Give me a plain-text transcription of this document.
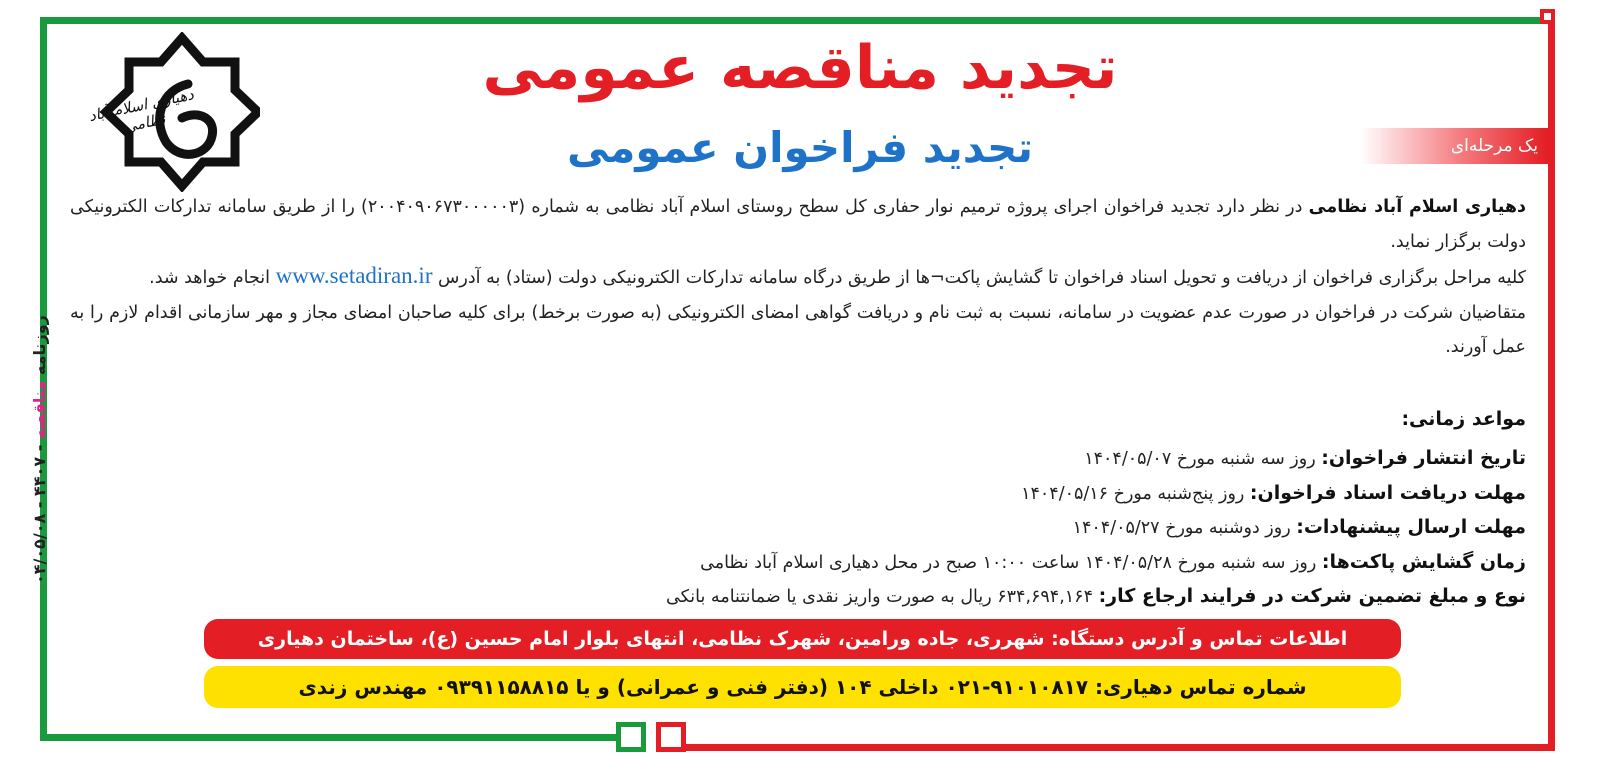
دهیاری اسلام آباد نظامی
تجدید مناقصه عمومی
تجدید فراخوان عمومی	یک مرحله‌ای

دهیاری اسلام آباد نظامی در نظر دارد تجدید فراخوان اجرای پروژه ترمیم نوار حفاری کل سطح روستای اسلام آباد نظامی به شماره (۲۰۰۴۰۹۰۶۷۳۰۰۰۰۰۳) را از طریق سامانه تدارکات الکترونیکی دولت برگزار نماید.

کلیه مراحل برگزاری فراخوان از دریافت و تحویل اسناد فراخوان تا گشایش پاکت¬ها از طریق درگاه سامانه تدارکات الکترونیکی دولت (ستاد) به آدرس www.setadiran.ir انجام خواهد شد.

متقاضیان شرکت در فراخوان در صورت عدم عضویت در سامانه، نسبت به ثبت نام و دریافت گواهی امضای الکترونیکی (به صورت برخط) برای کلیه صاحبان امضای مجاز و مهر سازمانی اقدام لازم را به عمل آورند.

مواعد زمانی:
تاریخ انتشار فراخوان: روز سه شنبه مورخ ۱۴۰۴/۰۵/۰۷
مهلت دریافت اسناد فراخوان: روز پنج‌شنبه مورخ ۱۴۰۴/۰۵/۱۶
مهلت ارسال پیشنهادات: روز دوشنبه مورخ ۱۴۰۴/۰۵/۲۷
زمان گشایش پاکت‌ها: روز سه شنبه مورخ ۱۴۰۴/۰۵/۲۸ ساعت ۱۰:۰۰ صبح در محل دهیاری اسلام آباد نظامی
نوع و مبلغ تضمین شرکت در فرایند ارجاع کار: ۶۳۴,۶۹۴,۱۶۴ ریال به صورت واریز نقدی یا ضمانتنامه بانکی
روزنامه مناقصه - ۴۴۰۷ - ۰۴/۰۵/۰۸
اطلاعات تماس و آدرس دستگاه: شهرری، جاده ورامین، شهرک نظامی، انتهای بلوار امام حسین (ع)، ساختمان دهیاری
شماره تماس دهیاری: ۹۱۰۱۰۸۱۷-۰۲۱ داخلی ۱۰۴ (دفتر فنی و عمرانی) و یا ۰۹۳۹۱۱۵۸۸۱۵ مهندس زندی
